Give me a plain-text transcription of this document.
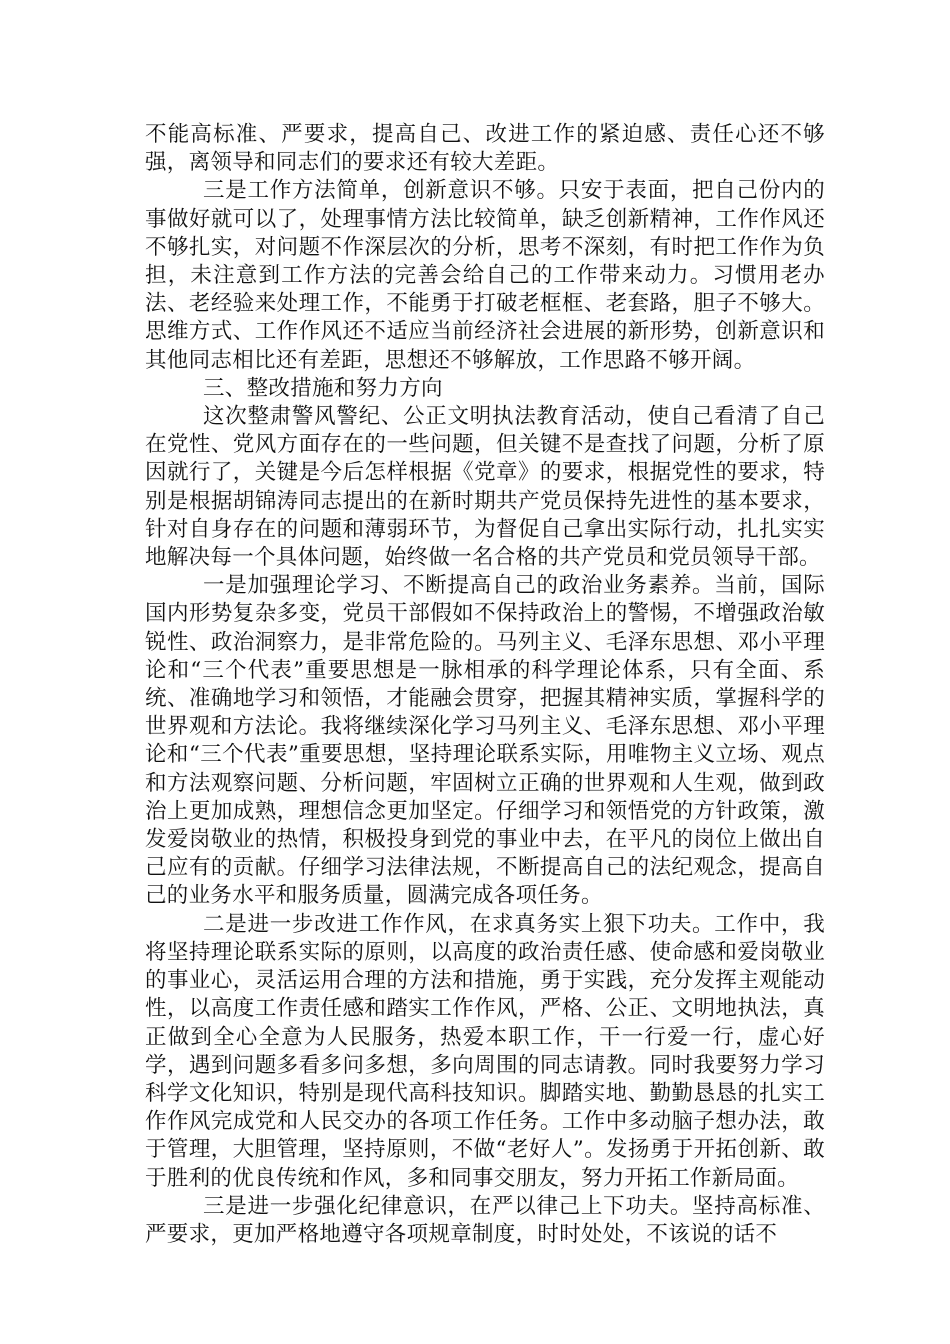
不能高标准、严要求，提高自己、改进工作的紧迫感、责任心还不够强，离领导和同志们的要求还有较大差距。

三是工作方法简单，创新意识不够。只安于表面，把自己份内的事做好就可以了，处理事情方法比较简单，缺乏创新精神，工作作风还不够扎实，对问题不作深层次的分析，思考不深刻，有时把工作作为负担，未注意到工作方法的完善会给自己的工作带来动力。习惯用老办法、老经验来处理工作，不能勇于打破老框框、老套路，胆子不够大。思维方式、工作作风还不适应当前经济社会进展的新形势，创新意识和其他同志相比还有差距，思想还不够解放，工作思路不够开阔。

三、整改措施和努力方向

这次整肃警风警纪、公正文明执法教育活动，使自己看清了自己在党性、党风方面存在的一些问题，但关键不是查找了问题，分析了原因就行了，关键是今后怎样根据《党章》的要求，根据党性的要求，特别是根据胡锦涛同志提出的在新时期共产党员保持先进性的基本要求，针对自身存在的问题和薄弱环节，为督促自己拿出实际行动，扎扎实实地解决每一个具体问题，始终做一名合格的共产党员和党员领导干部。

一是加强理论学习、不断提高自己的政治业务素养。当前，国际国内形势复杂多变，党员干部假如不保持政治上的警惕，不增强政治敏锐性、政治洞察力，是非常危险的。马列主义、毛泽东思想、邓小平理论和“三个代表”重要思想是一脉相承的科学理论体系，只有全面、系统、准确地学习和领悟，才能融会贯穿，把握其精神实质，掌握科学的世界观和方法论。我将继续深化学习马列主义、毛泽东思想、邓小平理论和“三个代表”重要思想，坚持理论联系实际，用唯物主义立场、观点和方法观察问题、分析问题，牢固树立正确的世界观和人生观，做到政治上更加成熟，理想信念更加坚定。仔细学习和领悟党的方针政策，激发爱岗敬业的热情，积极投身到党的事业中去，在平凡的岗位上做出自己应有的贡献。仔细学习法律法规，不断提高自己的法纪观念，提高自己的业务水平和服务质量，圆满完成各项任务。

二是进一步改进工作作风，在求真务实上狠下功夫。工作中，我将坚持理论联系实际的原则，以高度的政治责任感、使命感和爱岗敬业的事业心，灵活运用合理的方法和措施，勇于实践，充分发挥主观能动性，以高度工作责任感和踏实工作作风，严格、公正、文明地执法，真正做到全心全意为人民服务，热爱本职工作，干一行爱一行，虚心好学，遇到问题多看多问多想，多向周围的同志请教。同时我要努力学习科学文化知识，特别是现代高科技知识。脚踏实地、勤勤恳恳的扎实工作作风完成党和人民交办的各项工作任务。工作中多动脑子想办法，敢于管理，大胆管理，坚持原则，不做“老好人”。发扬勇于开拓创新、敢于胜利的优良传统和作风，多和同事交朋友，努力开拓工作新局面。

三是进一步强化纪律意识，在严以律己上下功夫。坚持高标准、严要求，更加严格地遵守各项规章制度，时时处处，不该说的话不
